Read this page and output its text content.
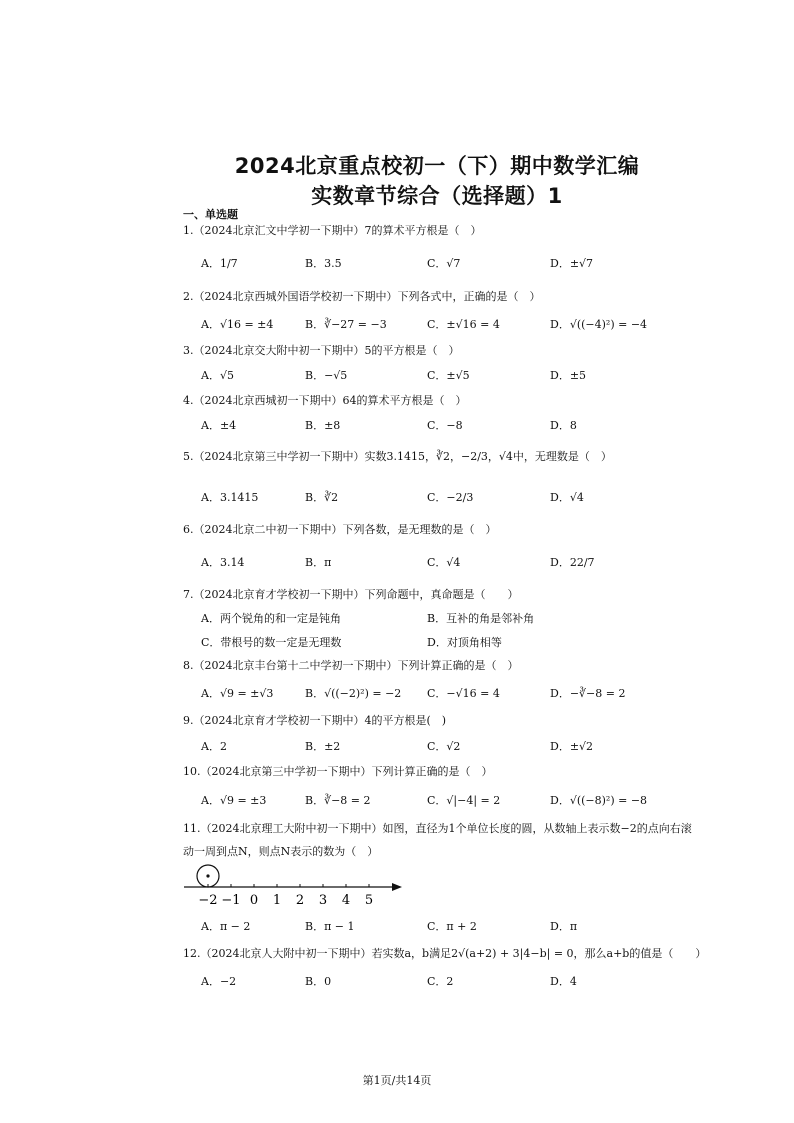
2024北京重点校初一（下）期中数学汇编
实数章节综合（选择题）1
一、单选题
1.（2024北京汇文中学初一下期中）7的算术平方根是（　）
A．1/7	B．3.5	C．√7	D．±√7
2.（2024北京西城外国语学校初一下期中）下列各式中，正确的是（　）
A．√16 = ±4	B．∛−27 = −3	C．±√16 = 4	D．√((−4)²) = −4
3.（2024北京交大附中初一下期中）5的平方根是（　）
A．√5	B．−√5	C．±√5	D．±5
4.（2024北京西城初一下期中）64的算术平方根是（　）
A．±4	B．±8	C．−8	D．8
5.（2024北京第三中学初一下期中）实数3.1415，∛2，−2/3，√4中，无理数是（　）
A．3.1415	B．∛2	C．−2/3	D．√4
6.（2024北京二中初一下期中）下列各数，是无理数的是（　）
A．3.14	B．π	C．√4	D．22/7
7.（2024北京育才学校初一下期中）下列命题中，真命题是（　　）
A．两个锐角的和一定是钝角	B．互补的角是邻补角
C．带根号的数一定是无理数	D．对顶角相等
8.（2024北京丰台第十二中学初一下期中）下列计算正确的是（　）
A．√9 = ±√3	B．√((−2)²) = −2 C．−√16 = 4	D．−∛−8 = 2
9.（2024北京育才学校初一下期中）4的平方根是(　)
A．2	B．±2	C．√2	D．±√2
10.（2024北京第三中学初一下期中）下列计算正确的是（　）
A．√9 = ±3	B．∛−8 = 2	C．√|−4| = 2	D．√((−8)²) = −8
11.（2024北京理工大附中初一下期中）如图，直径为1个单位长度的圆，从数轴上表示数−2的点向右滚
动一周到点N，则点N表示的数为（　）
−2 −1 0 1 2 3 4 5
A．π − 2	B．π − 1	C．π + 2	D．π
12.（2024北京人大附中初一下期中）若实数a，b满足2√(a+2) + 3|4−b| = 0，那么a+b的值是（　　）
A．−2	B．0	C．2	D．4
第1页/共14页
